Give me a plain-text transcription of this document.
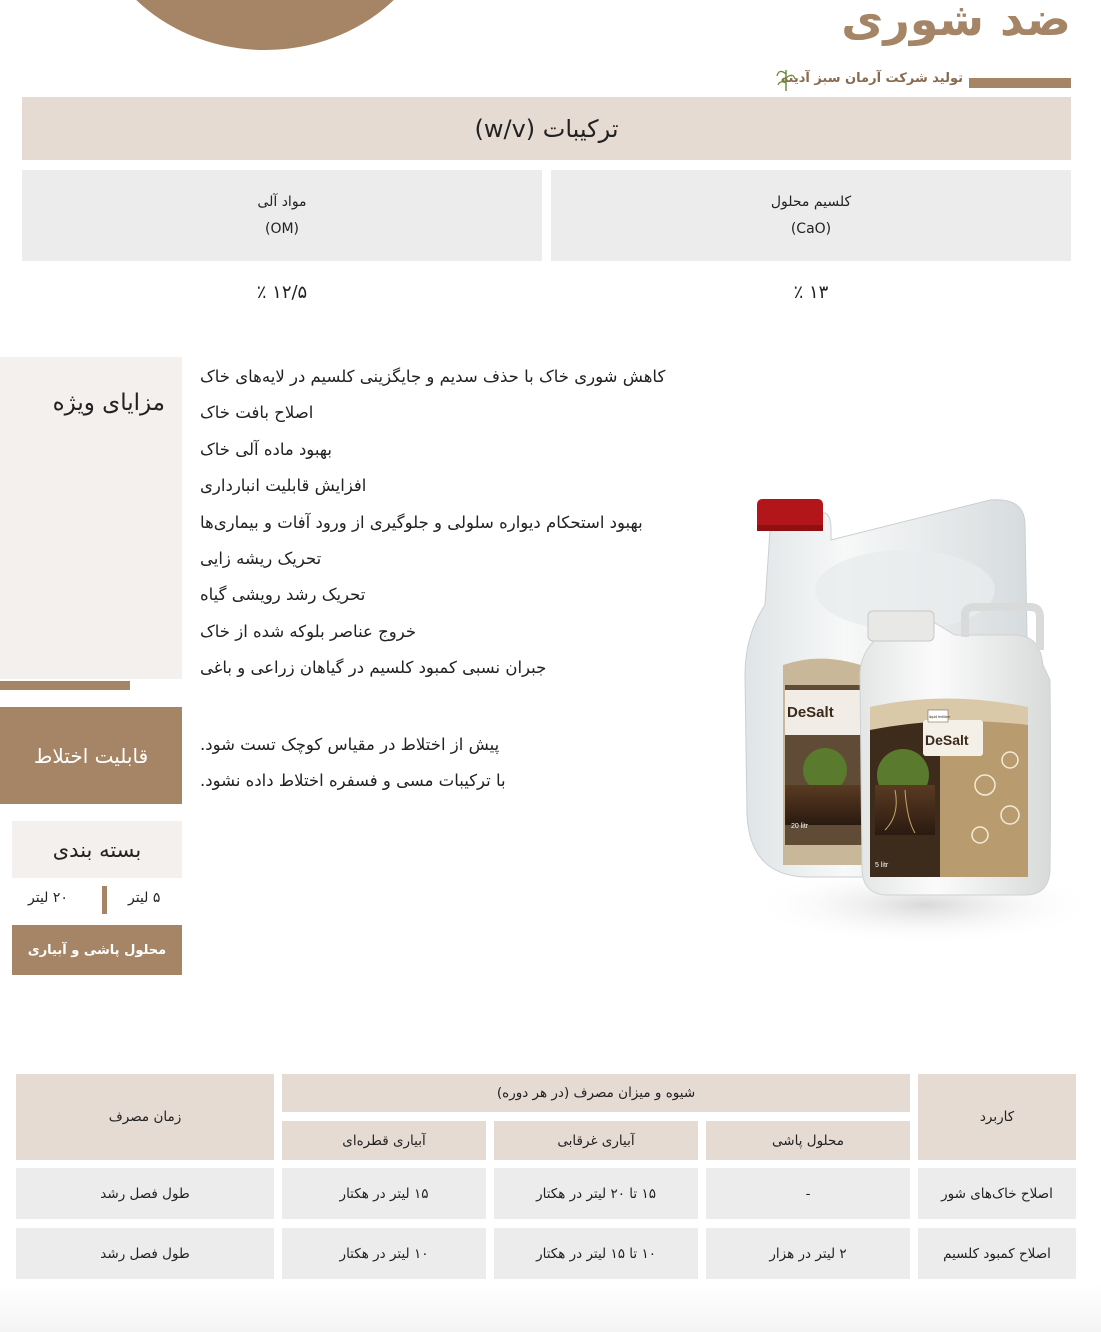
ضد شوری
تولید شرکت آرمان سبز آدینه
ترکیبات (w/v)
کلسیم محلول
(CaO)
مواد آلی
(OM)
۱۳ ٪
۱۲/۵ ٪
مزایای ویژه
کاهش شوری خاک با حذف سدیم و جایگزینی کلسیم در لایه‌های خاک
اصلاح بافت خاک
بهبود ماده آلی خاک
افزایش قابلیت انبارداری
بهبود استحکام دیواره سلولی و جلوگیری از ورود آفات و بیماری‌ها
تحریک ریشه زایی
تحریک رشد رویشی گیاه
خروج عناصر بلوکه شده از خاک
جبران نسبی کمبود کلسیم در گیاهان زراعی و باغی
قابلیت اختلاط	پیش از اختلاط در مقیاس کوچک تست شود.
با ترکیبات مسی و فسفره اختلاط داده نشود.
بسته بندی
۵ لیتر
۲۰ لیتر
محلول پاشی و آبیاری
DeSalt
20 litr
DeSalt
liquid fertilizer
5 litr
کاربرد
شیوه و میزان مصرف (در هر دوره)
محلول پاشی
آبیاری غرقابی
آبیاری قطره‌ای
زمان مصرف
اصلاح خاک‌های شور
-
۱۵ تا ۲۰ لیتر در هکتار
۱۵ لیتر در هکتار
طول فصل رشد
اصلاح کمبود کلسیم
۲ لیتر در هزار
۱۰ تا ۱۵ لیتر در هکتار
۱۰ لیتر در هکتار
طول فصل رشد
